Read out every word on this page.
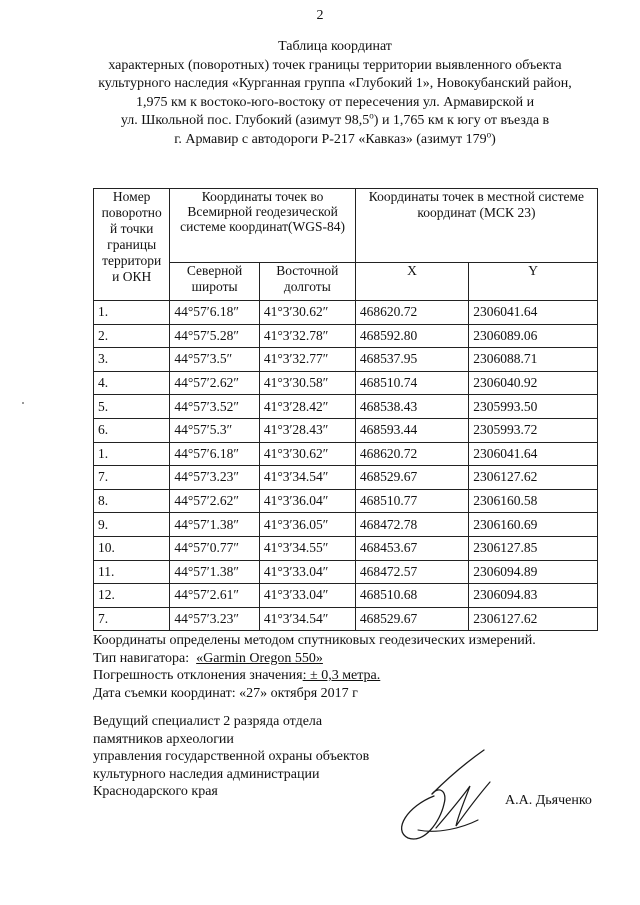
2
Таблица координат
характерных (поворотных) точек границы территории выявленного объекта
культурного наследия «Курганная группа «Глубокий 1», Новокубанский район,
1,975 км к востоко-юго-востоку от пересечения ул. Армавирской и
ул. Школьной пос. Глубокий (азимут 98,5$^o$) и 1,765 км к югу от въезда в
г. Армавир с автодороги Р-217 «Кавказ» (азимут 179$^o$)
Номер поворотно й точки границы территори и ОКН	Координаты точек во Всемирной геодезической системе координат(WGS-84)		Координаты точек в местной системе координат (МСК 23)	
	Северной широты	Восточной долготы	X	Y
1.	44°57′6.18″	41°3′30.62″	468620.72	2306041.64
2.	44°57′5.28″	41°3′32.78″	468592.80	2306089.06
3.	44°57′3.5″	41°3′32.77″	468537.95	2306088.71
4.	44°57′2.62″	41°3′30.58″	468510.74	2306040.92
5.	44°57′3.52″	41°3′28.42″	468538.43	2305993.50
6.	44°57′5.3″	41°3′28.43″	468593.44	2305993.72
1.	44°57′6.18″	41°3′30.62″	468620.72	2306041.64
7.	44°57′3.23″	41°3′34.54″	468529.67	2306127.62
8.	44°57′2.62″	41°3′36.04″	468510.77	2306160.58
9.	44°57′1.38″	41°3′36.05″	468472.78	2306160.69
10.	44°57′0.77″	41°3′34.55″	468453.67	2306127.85
11.	44°57′1.38″	41°3′33.04″	468472.57	2306094.89
12.	44°57′2.61″	41°3′33.04″	468510.68	2306094.83
7.	44°57′3.23″	41°3′34.54″	468529.67	2306127.62
Координаты определены методом спутниковых геодезических измерений.
Тип навигатора: «Garmin Oregon 550»
Погрешность отклонения значения: ± 0,3 метра.
Дата съемки координат: «27» октября 2017 г
Ведущий специалист 2 разряда отдела
памятников археологии
управления государственной охраны объектов
культурного наследия администрации
Краснодарского края
А.А. Дьяченко
